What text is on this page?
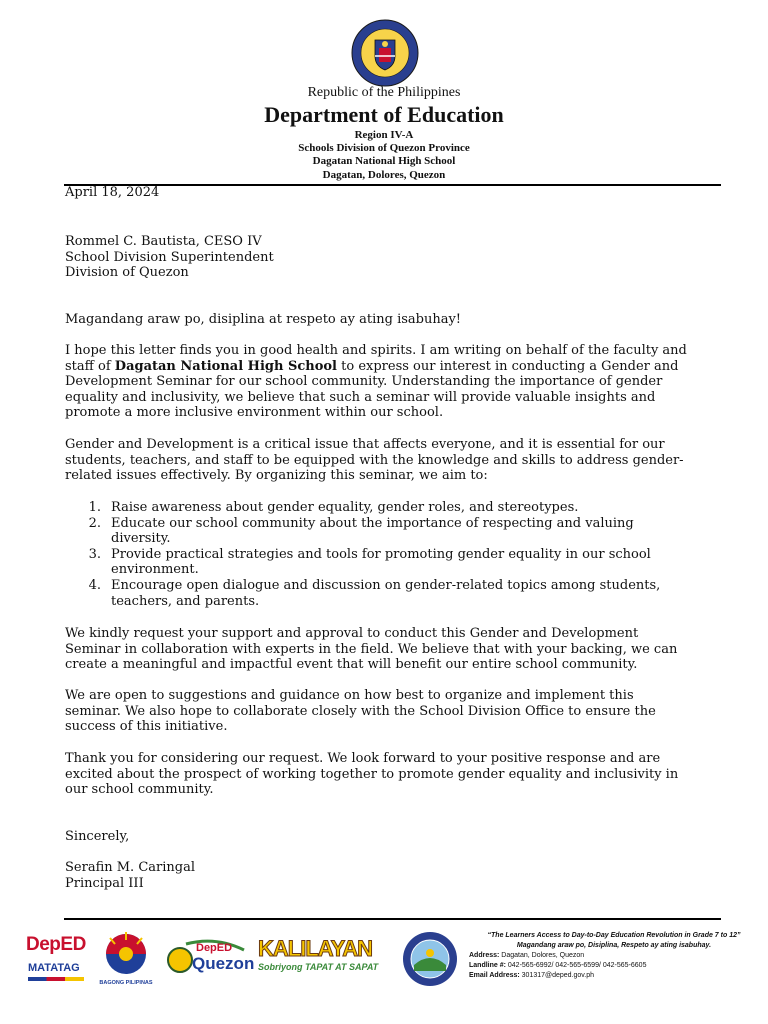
Republic of the Philippines
Department of Education
Region IV-A
Schools Division of Quezon Province
Dagatan National High School
Dagatan, Dolores, Quezon
April 18, 2024
Rommel C. Bautista, CESO IV
School Division Superintendent
Division of Quezon
Magandang araw po, disiplina at respeto ay ating isabuhay!
I hope this letter finds you in good health and spirits. I am writing on behalf of the faculty and
staff of Dagatan National High School to express our interest in conducting a Gender and
Development Seminar for our school community. Understanding the importance of gender
equality and inclusivity, we believe that such a seminar will provide valuable insights and
promote a more inclusive environment within our school.
Gender and Development is a critical issue that affects everyone, and it is essential for our
students, teachers, and staff to be equipped with the knowledge and skills to address gender-
related issues effectively. By organizing this seminar, we aim to:
1. Raise awareness about gender equality, gender roles, and stereotypes.
2. Educate our school community about the importance of respecting and valuing
diversity.
3. Provide practical strategies and tools for promoting gender equality in our school
environment.
4. Encourage open dialogue and discussion on gender-related topics among students,
teachers, and parents.
We kindly request your support and approval to conduct this Gender and Development
Seminar in collaboration with experts in the field. We believe that with your backing, we can
create a meaningful and impactful event that will benefit our entire school community.
We are open to suggestions and guidance on how best to organize and implement this
seminar. We also hope to collaborate closely with the School Division Office to ensure the
success of this initiative.
Thank you for considering our request. We look forward to your positive response and are
excited about the prospect of working together to promote gender equality and inclusivity in
our school community.
Sincerely,
Serafin M. Caringal
Principal III
DepED
MATATAG
BAGONG PILIPINAS
DepED
Quezon
KALILAYAN
Sobriyong TAPAT AT SAPAT
“The Learners Access to Day-to-Day Education Revolution in Grade 7 to 12”
Magandang araw po, Disiplina, Respeto ay ating isabuhay.
Address: Dagatan, Dolores, Quezon
Landline #: 042-565-6992/ 042-565-6599/ 042-565-6605
Email Address: 301317@deped.gov.ph
